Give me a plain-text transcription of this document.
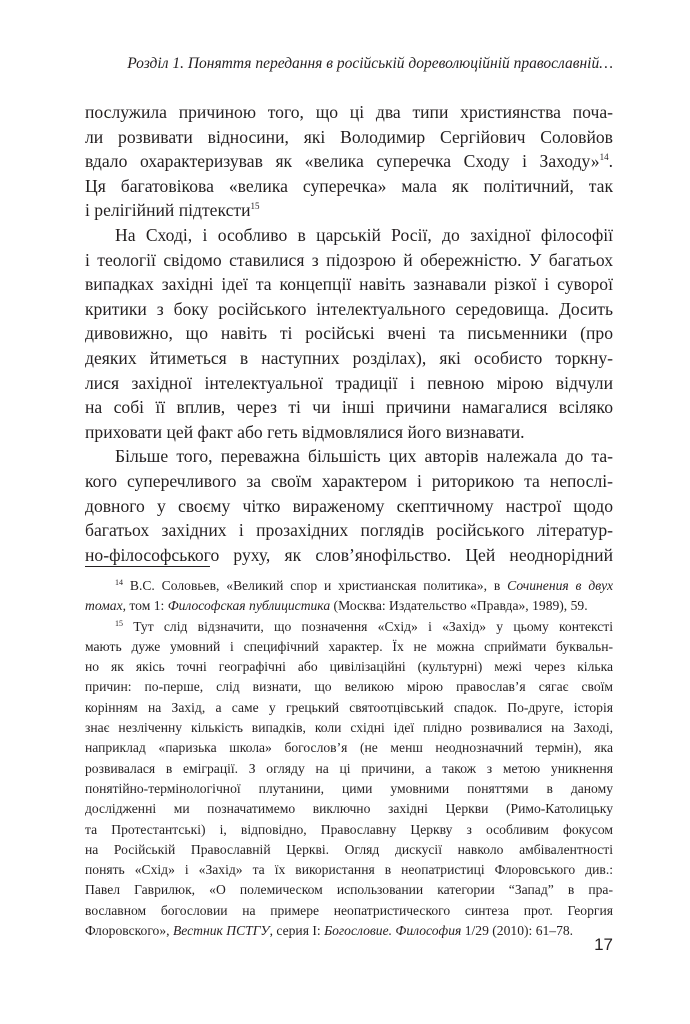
Розділ 1. Поняття передання в російській дореволюційній православній…
послужила причиною того, що ці два типи християнства поча-
ли розвивати відносини, які Володимир Сергійович Соловйов
вдало охарактеризував як «велика суперечка Сходу і Заходу»$^{14}$.
Ця багатовікова «велика суперечка» мала як політичний, так
і релігійний підтексти$^{15}$
На Сході, і особливо в царській Росії, до західної філософії
і теології свідомо ставилися з підозрою й обережністю. У багатьох
випадках західні ідеї та концепції навіть зазнавали різкої і суворої
критики з боку російського інтелектуального середовища. Досить
дивовижно, що навіть ті російські вчені та письменники (про
деяких йтиметься в наступних розділах), які особисто торкну-
лися західної інтелектуальної традиції і певною мірою відчули
на собі її вплив, через ті чи інші причини намагалися всіляко
приховати цей факт або геть відмовлялися його визнавати.
Більше того, переважна більшість цих авторів належала до та-
кого суперечливого за своїм характером і риторикою та непослі-
довного у своєму чітко вираженому скептичному настрої щодо
багатьох західних і прозахідних поглядів російського літератур-
но-філософського руху, як слов’янофільство. Цей неоднорідний
$^{14}$ В.С. Соловьев, «Великий спор и христианская политика», в Сочинения в двух
томах, том 1: Философская публицистика (Москва: Издательство «Правда», 1989), 59.
$^{15}$ Тут слід відзначити, що позначення «Схід» і «Захід» у цьому контексті
мають дуже умовний і специфічний характер. Їх не можна сприймати буквальн-
но як якісь точні географічні або цивілізаційні (культурні) межі через кілька
причин: по-перше, слід визнати, що великою мірою православ’я сягає своїм
корінням на Захід, а саме у грецький святоотцівський спадок. По-друге, історія
знає незліченну кількість випадків, коли східні ідеї плідно розвивалися на Заході,
наприклад «паризька школа» богослов’я (не менш неоднозначний термін), яка
розвивалася в еміграції. З огляду на ці причини, а також з метою уникнення
понятійно-термінологічної плутанини, цими умовними поняттями в даному
дослідженні ми позначатимемо виключно західні Церкви (Римо-Католицьку
та Протестантські) і, відповідно, Православну Церкву з особливим фокусом
на Російській Православній Церкві. Огляд дискусії навколо амбівалентності
понять «Схід» і «Захід» та їх використання в неопатристиці Флоровського див.:
Павел Гаврилюк, «О полемическом использовании категории “Запад” в пра-
вославном богословии на примере неопатристического синтеза прот. Георгия
Флоровского», Вестник ПСТГУ, серия I: Богословие. Философия 1/29 (2010): 61–78.
17
